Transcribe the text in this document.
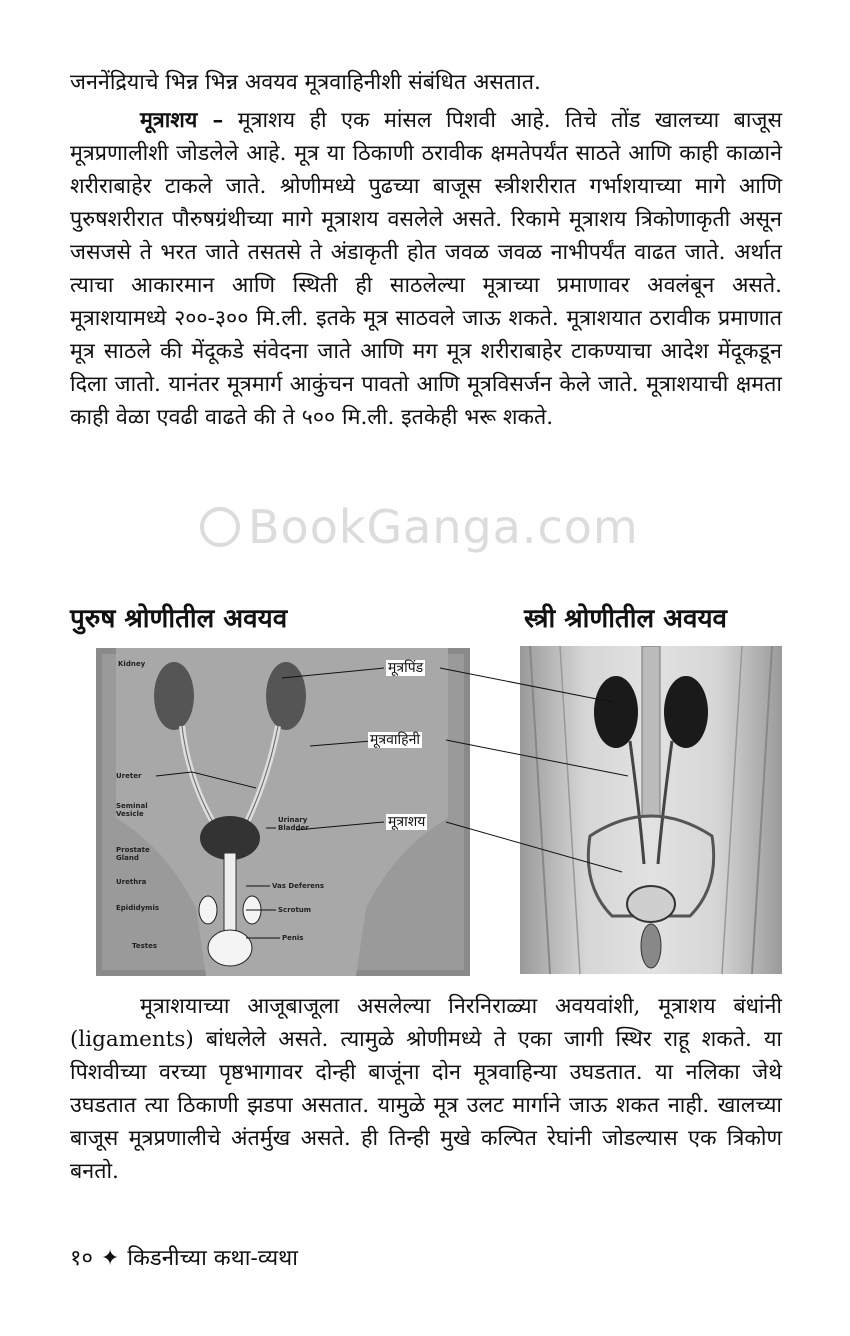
जननेंद्रियाचे भिन्न भिन्न अवयव मूत्रवाहिनीशी संबंधित असतात.

मूत्राशय – मूत्राशय ही एक मांसल पिशवी आहे. तिचे तोंड खालच्या बाजूस मूत्रप्रणालीशी जोडलेले आहे. मूत्र या ठिकाणी ठरावीक क्षमतेपर्यंत साठते आणि काही काळाने शरीराबाहेर टाकले जाते. श्रोणीमध्ये पुढच्या बाजूस स्त्रीशरीरात गर्भाशयाच्या मागे आणि पुरुषशरीरात पौरुषग्रंथीच्या मागे मूत्राशय वसलेले असते. रिकामे मूत्राशय त्रिकोणाकृती असून जसजसे ते भरत जाते तसतसे ते अंडाकृती होत जवळ जवळ नाभीपर्यंत वाढत जाते. अर्थात त्याचा आकारमान आणि स्थिती ही साठलेल्या मूत्राच्या प्रमाणावर अवलंबून असते. मूत्राशयामध्ये २००-३०० मि.ली. इतके मूत्र साठवले जाऊ शकते. मूत्राशयात ठरावीक प्रमाणात मूत्र साठले की मेंदूकडे संवेदना जाते आणि मग मूत्र शरीराबाहेर टाकण्याचा आदेश मेंदूकडून दिला जातो. यानंतर मूत्रमार्ग आकुंचन पावतो आणि मूत्रविसर्जन केले जाते. मूत्राशयाची क्षमता काही वेळा एवढी वाढते की ते ५०० मि.ली. इतकेही भरू शकते.

BookGanga.com
पुरुष श्रोणीतील अवयव	स्त्री श्रोणीतील अवयव
Kidney
Ureter
Seminal
Vesicle
Prostate
Gland
Urethra
Epididymis
Testes
Urinary
Bladder
Vas Deferens
Scrotum
Penis
मूत्रपिंड
मूत्रवाहिनी
मूत्राशय

मूत्राशयाच्या आजूबाजूला असलेल्या निरनिराळ्या अवयवांशी, मूत्राशय बंधांनी (ligaments) बांधलेले असते. त्यामुळे श्रोणीमध्ये ते एका जागी स्थिर राहू शकते. या पिशवीच्या वरच्या पृष्ठभागावर दोन्ही बाजूंना दोन मूत्रवाहिन्या उघडतात. या नलिका जेथे उघडतात त्या ठिकाणी झडपा असतात. यामुळे मूत्र उलट मार्गाने जाऊ शकत नाही. खालच्या बाजूस मूत्रप्रणालीचे अंतर्मुख असते. ही तिन्ही मुखे कल्पित रेघांनी जोडल्यास एक त्रिकोण बनतो.

१० ✦ किडनीच्या कथा-व्यथा
